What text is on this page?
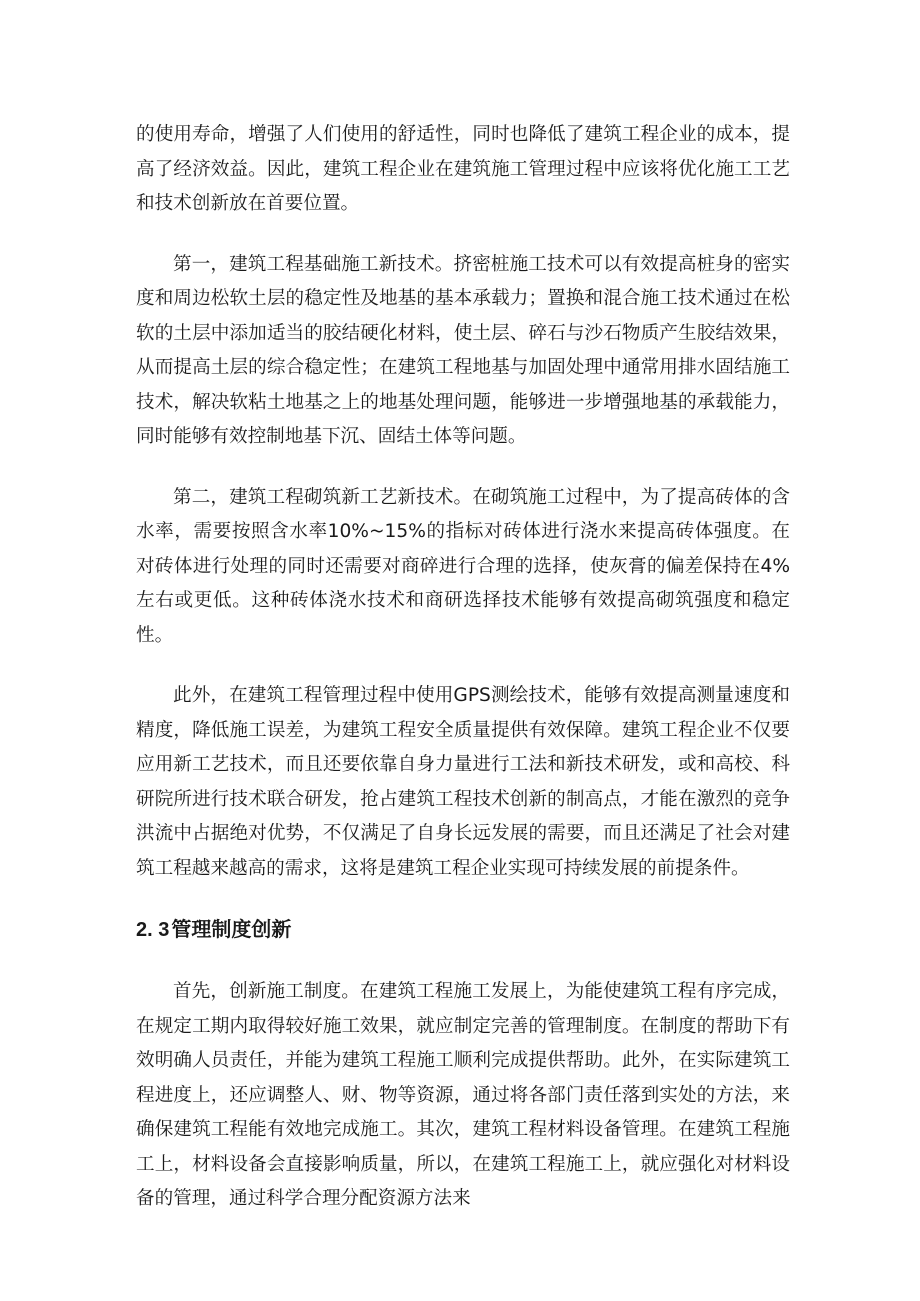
的使用寿命，增强了人们使用的舒适性，同时也降低了建筑工程企业的成本，提高了经济效益。因此，建筑工程企业在建筑施工管理过程中应该将优化施工工艺和技术创新放在首要位置。

第一，建筑工程基础施工新技术。挤密桩施工技术可以有效提高桩身的密实度和周边松软土层的稳定性及地基的基本承载力；置换和混合施工技术通过在松软的土层中添加适当的胶结硬化材料，使土层、碎石与沙石物质产生胶结效果，从而提高土层的综合稳定性；在建筑工程地基与加固处理中通常用排水固结施工技术，解决软粘土地基之上的地基处理问题，能够进一步增强地基的承载能力，同时能够有效控制地基下沉、固结土体等问题。

第二，建筑工程砌筑新工艺新技术。在砌筑施工过程中，为了提高砖体的含水率，需要按照含水率10%~15%的指标对砖体进行浇水来提高砖体强度。在对砖体进行处理的同时还需要对商碎进行合理的选择，使灰膏的偏差保持在4%左右或更低。这种砖体浇水技术和商研选择技术能够有效提高砌筑强度和稳定性。

此外，在建筑工程管理过程中使用GPS测绘技术，能够有效提高测量速度和精度，降低施工误差，为建筑工程安全质量提供有效保障。建筑工程企业不仅要应用新工艺技术，而且还要依靠自身力量进行工法和新技术研发，或和高校、科研院所进行技术联合研发，抢占建筑工程技术创新的制高点，才能在激烈的竞争洪流中占据绝对优势，不仅满足了自身长远发展的需要，而且还满足了社会对建筑工程越来越高的需求，这将是建筑工程企业实现可持续发展的前提条件。

2. 3 管理制度创新

首先，创新施工制度。在建筑工程施工发展上，为能使建筑工程有序完成，在规定工期内取得较好施工效果，就应制定完善的管理制度。在制度的帮助下有效明确人员责任，并能为建筑工程施工顺利完成提供帮助。此外，在实际建筑工程进度上，还应调整人、财、物等资源，通过将各部门责任落到实处的方法，来确保建筑工程能有效地完成施工。其次，建筑工程材料设备管理。在建筑工程施工上，材料设备会直接影响质量，所以，在建筑工程施工上，就应强化对材料设备的管理，通过科学合理分配资源方法来
